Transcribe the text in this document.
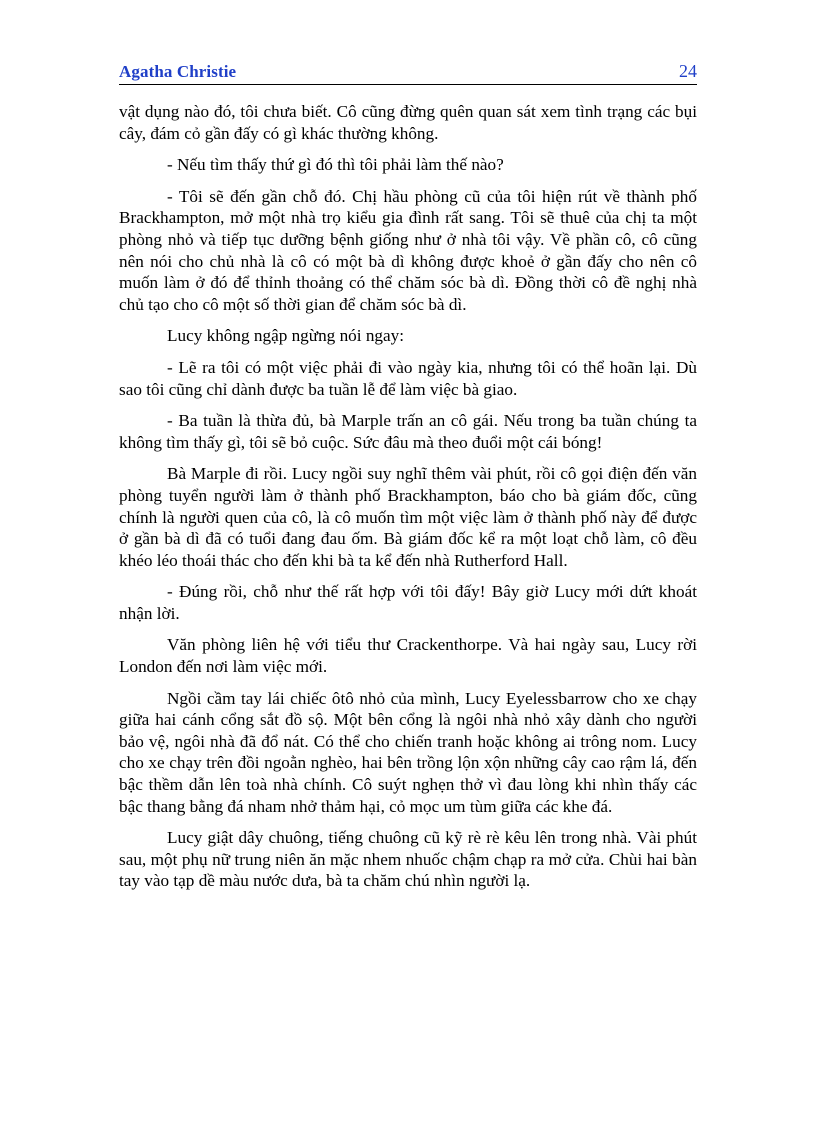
Agatha Christie	24

vật dụng nào đó, tôi chưa biết. Cô cũng đừng quên quan sát xem tình trạng các bụi cây, đám cỏ gần đấy có gì khác thường không.

- Nếu tìm thấy thứ gì đó thì tôi phải làm thế nào?

- Tôi sẽ đến gần chỗ đó. Chị hầu phòng cũ của tôi hiện rút về thành phố Brackhampton, mở một nhà trọ kiểu gia đình rất sang. Tôi sẽ thuê của chị ta một phòng nhỏ và tiếp tục dưỡng bệnh giống như ở nhà tôi vậy. Về phần cô, cô cũng nên nói cho chủ nhà là cô có một bà dì không được khoẻ ở gần đấy cho nên cô muốn làm ở đó để thỉnh thoảng có thể chăm sóc bà dì. Đồng thời cô đề nghị nhà chủ tạo cho cô một số thời gian để chăm sóc bà dì.

Lucy không ngập ngừng nói ngay:

- Lẽ ra tôi có một việc phải đi vào ngày kia, nhưng tôi có thể hoãn lại. Dù sao tôi cũng chỉ dành được ba tuần lễ để làm việc bà giao.

- Ba tuần là thừa đủ, bà Marple trấn an cô gái. Nếu trong ba tuần chúng ta không tìm thấy gì, tôi sẽ bỏ cuộc. Sức đâu mà theo đuổi một cái bóng!

Bà Marple đi rồi. Lucy ngồi suy nghĩ thêm vài phút, rồi cô gọi điện đến văn phòng tuyển người làm ở thành phố Brackhampton, báo cho bà giám đốc, cũng chính là người quen của cô, là cô muốn tìm một việc làm ở thành phố này để được ở gần bà dì đã có tuổi đang đau ốm. Bà giám đốc kể ra một loạt chỗ làm, cô đều khéo léo thoái thác cho đến khi bà ta kể đến nhà Rutherford Hall.

- Đúng rồi, chỗ như thế rất hợp với tôi đấy! Bây giờ Lucy mới dứt khoát nhận lời.

Văn phòng liên hệ với tiểu thư Crackenthorpe. Và hai ngày sau, Lucy rời London đến nơi làm việc mới.

Ngồi cầm tay lái chiếc ôtô nhỏ của mình, Lucy Eyelessbarrow cho xe chạy giữa hai cánh cổng sắt đồ sộ. Một bên cổng là ngôi nhà nhỏ xây dành cho người bảo vệ, ngôi nhà đã đổ nát. Có thể cho chiến tranh hoặc không ai trông nom. Lucy cho xe chạy trên đồi ngoằn nghèo, hai bên trồng lộn xộn những cây cao rậm lá, đến bậc thềm dẫn lên toà nhà chính. Cô suýt nghẹn thở vì đau lòng khi nhìn thấy các bậc thang bằng đá nham nhở thảm hại, cỏ mọc um tùm giữa các khe đá.

Lucy giật dây chuông, tiếng chuông cũ kỹ rè rè kêu lên trong nhà. Vài phút sau, một phụ nữ trung niên ăn mặc nhem nhuốc chậm chạp ra mở cửa. Chùi hai bàn tay vào tạp dề màu nước dưa, bà ta chăm chú nhìn người lạ.
